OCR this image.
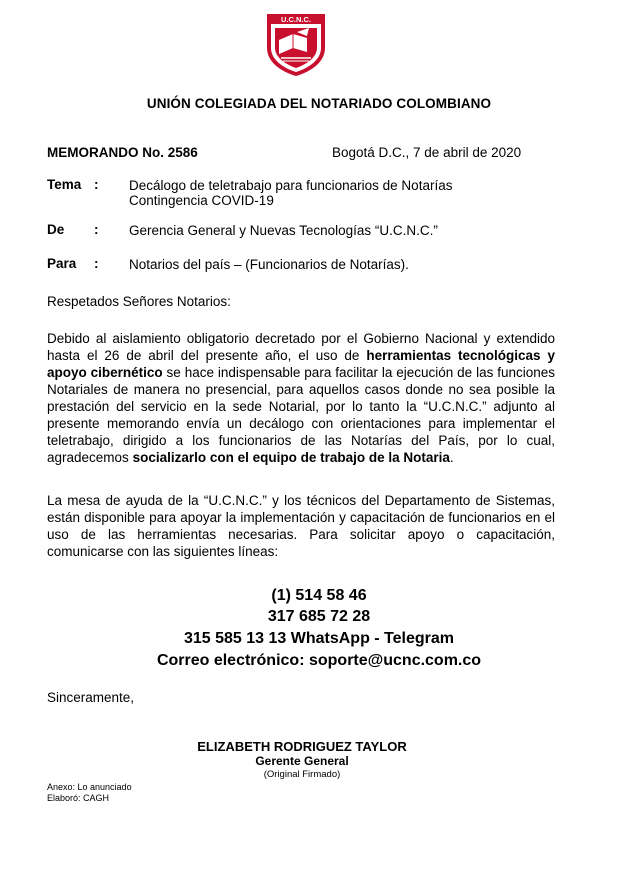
U.C.N.C.
UNIÓN COLEGIADA DEL NOTARIADO COLOMBIANO
MEMORANDO No. 2586	Bogotá D.C., 7 de abril de 2020
Tema : Decálogo de teletrabajo para funcionarios de Notarías
Contingencia COVID-19
De : Gerencia General y Nuevas Tecnologías “U.C.N.C.”
Para : Notarios del país – (Funcionarios de Notarías).
Respetados Señores Notarios:
Debido al aislamiento obligatorio decretado por el Gobierno Nacional y extendido hasta el 26 de abril del presente año, el uso de herramientas tecnológicas y apoyo cibernético se hace indispensable para facilitar la ejecución de las funciones Notariales de manera no presencial, para aquellos casos donde no sea posible la prestación del servicio en la sede Notarial, por lo tanto la “U.C.N.C.” adjunto al presente memorando envía un decálogo con orientaciones para implementar el teletrabajo, dirigido a los funcionarios de las Notarías del País, por lo cual, agradecemos socializarlo con el equipo de trabajo de la Notaria.
La mesa de ayuda de la “U.C.N.C.” y los técnicos del Departamento de Sistemas, están disponible para apoyar la implementación y capacitación de funcionarios en el uso de las herramientas necesarias. Para solicitar apoyo o capacitación, comunicarse con las siguientes líneas:
(1) 514 58 46
317 685 72 28
315 585 13 13 WhatsApp - Telegram
Correo electrónico: soporte@ucnc.com.co
Sinceramente,
ELIZABETH RODRIGUEZ TAYLOR
Gerente General
(Original Firmado)
Anexo: Lo anunciado
Elaboró: CAGH
